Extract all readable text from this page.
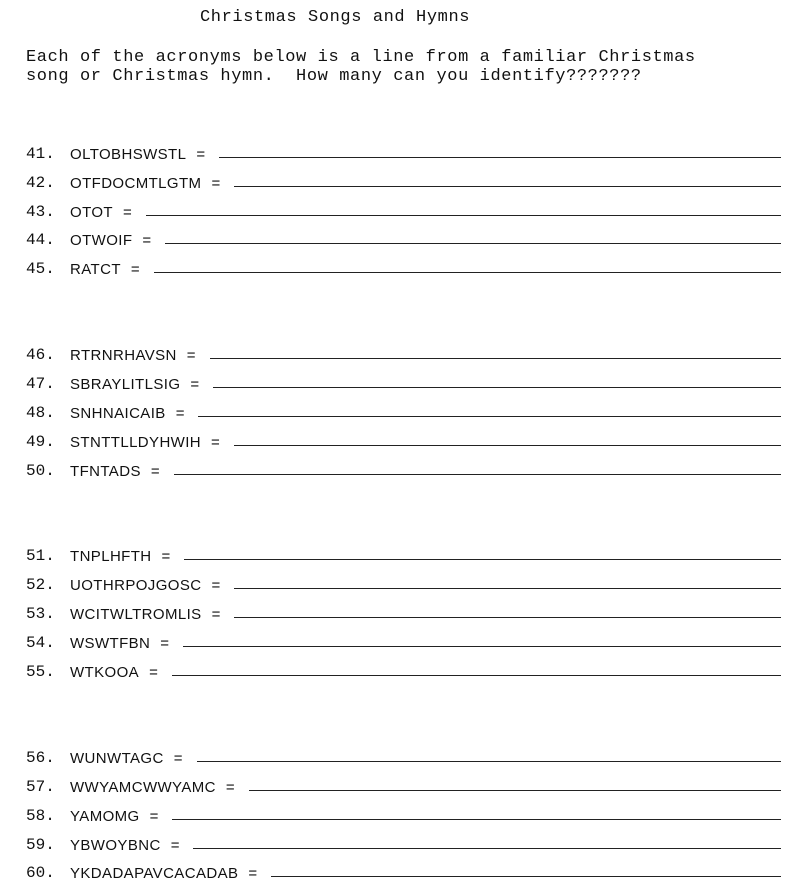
Christmas Songs and Hymns
Each of the acronyms below is a line from a familiar Christmas
song or Christmas hymn.  How many can you identify???????
41.	OLTOBHSWSTL =
42.	OTFDOCMTLGTM =
43.	OTOT =
44.	OTWOIF =
45.	RATCT =
46.	RTRNRHAVSN =
47.	SBRAYLITLSIG =
48.	SNHNAICAIB =
49.	STNTTLLDYHWIH =
50.	TFNTADS =
51.	TNPLHFTH =
52.	UOTHRPOJGOSC =
53.	WCITWLTROMLIS =
54.	WSWTFBN =
55.	WTKOOA =
56.	WUNWTAGC =
57.	WWYAMCWWYAMC =
58.	YAMOMG =
59.	YBWOYBNC =
60.	YKDADAPAVCACADAB =
